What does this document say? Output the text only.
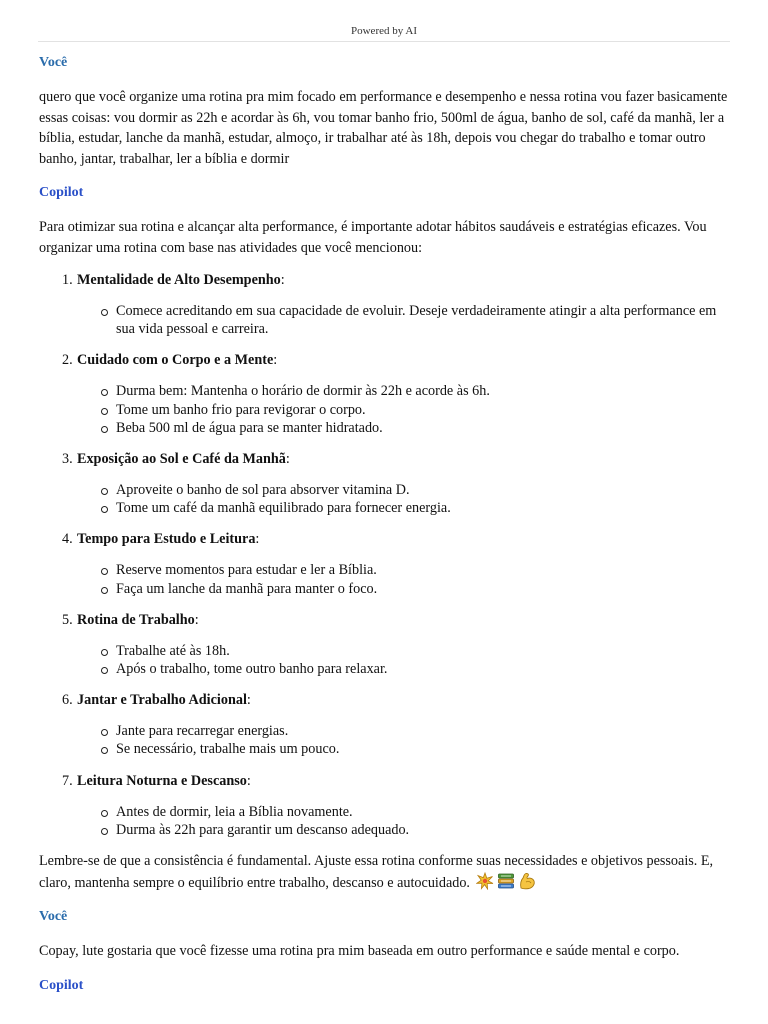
Powered by AI
Você

quero que você organize uma rotina pra mim focado em performance e desempenho e nessa rotina vou fazer basicamente essas coisas: vou dormir as 22h e acordar às 6h, vou tomar banho frio, 500ml de água, banho de sol, café da manhã, ler a bíblia, estudar, lanche da manhã, estudar, almoço, ir trabalhar até às 18h, depois vou chegar do trabalho e tomar outro banho, jantar, trabalhar, ler a bíblia e dormir

Copilot

Para otimizar sua rotina e alcançar alta performance, é importante adotar hábitos saudáveis e estratégias eficazes. Vou organizar uma rotina com base nas atividades que você mencionou:

1. Mentalidade de Alto Desempenho:
Comece acreditando em sua capacidade de evoluir. Deseje verdadeiramente atingir a alta performance em sua vida pessoal e carreira.
2. Cuidado com o Corpo e a Mente:
Durma bem: Mantenha o horário de dormir às 22h e acorde às 6h.
Tome um banho frio para revigorar o corpo.
Beba 500 ml de água para se manter hidratado.
3. Exposição ao Sol e Café da Manhã:
Aproveite o banho de sol para absorver vitamina D.
Tome um café da manhã equilibrado para fornecer energia.
4. Tempo para Estudo e Leitura:
Reserve momentos para estudar e ler a Bíblia.
Faça um lanche da manhã para manter o foco.
5. Rotina de Trabalho:
Trabalhe até às 18h.
Após o trabalho, tome outro banho para relaxar.
6. Jantar e Trabalho Adicional:
Jante para recarregar energias.
Se necessário, trabalhe mais um pouco.
7. Leitura Noturna e Descanso:
Antes de dormir, leia a Bíblia novamente.
Durma às 22h para garantir um descanso adequado.

Lembre-se de que a consistência é fundamental. Ajuste essa rotina conforme suas necessidades e objetivos pessoais. E, claro, mantenha sempre o equilíbrio entre trabalho, descanso e autocuidado.

Você

Copay, lute gostaria que você fizesse uma rotina pra mim baseada em outro performance e saúde mental e corpo.

Copilot
